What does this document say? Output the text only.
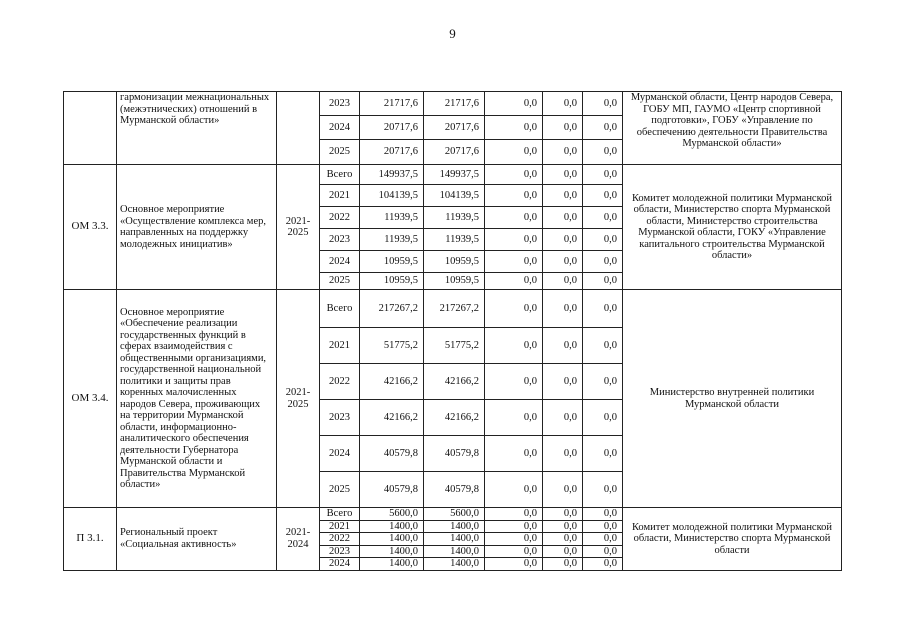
9
	гармонизации межнациональных (межэтнических) отношений в Мурманской области»		2023	21717,6	21717,6	0,0	0,0	0,0	Мурманской области, Центр народов Севера, ГОБУ МП, ГАУМО «Центр спортивной подготовки», ГОБУ «Управление по обеспечению деятельности Правительства Мурманской области»
			2024	20717,6	20717,6	0,0	0,0	0,0	
			2025	20717,6	20717,6	0,0	0,0	0,0	
ОМ 3.3.	Основное мероприятие «Осуществление комплекса мер, направленных на поддержку молодежных инициатив»	2021-2025	Всего	149937,5	149937,5	0,0	0,0	0,0	Комитет молодежной политики Мурманской области, Министерство спорта Мурманской области, Министерство строительства Мурманской области, ГОКУ «Управление капитального строительства Мурманской области»
			2021	104139,5	104139,5	0,0	0,0	0,0	
			2022	11939,5	11939,5	0,0	0,0	0,0	
			2023	11939,5	11939,5	0,0	0,0	0,0	
			2024	10959,5	10959,5	0,0	0,0	0,0	
			2025	10959,5	10959,5	0,0	0,0	0,0	
ОМ 3.4.	Основное мероприятие «Обеспечение реализации государственных функций в сферах взаимодействия с общественными организациями, государственной национальной политики и защиты прав коренных малочисленных народов Севера, проживающих на территории Мурманской области, информационно-аналитического обеспечения деятельности Губернатора Мурманской области и Правительства Мурманской области»	2021-2025	Всего	217267,2	217267,2	0,0	0,0	0,0	Министерство внутренней политики Мурманской области
			2021	51775,2	51775,2	0,0	0,0	0,0	
			2022	42166,2	42166,2	0,0	0,0	0,0	
			2023	42166,2	42166,2	0,0	0,0	0,0	
			2024	40579,8	40579,8	0,0	0,0	0,0	
			2025	40579,8	40579,8	0,0	0,0	0,0	
П 3.1.	Региональный проект «Социальная активность»	2021-2024	Всего	5600,0	5600,0	0,0	0,0	0,0	Комитет молодежной политики Мурманской области, Министерство спорта Мурманской области
			2021	1400,0	1400,0	0,0	0,0	0,0	
			2022	1400,0	1400,0	0,0	0,0	0,0	
			2023	1400,0	1400,0	0,0	0,0	0,0	
			2024	1400,0	1400,0	0,0	0,0	0,0	
